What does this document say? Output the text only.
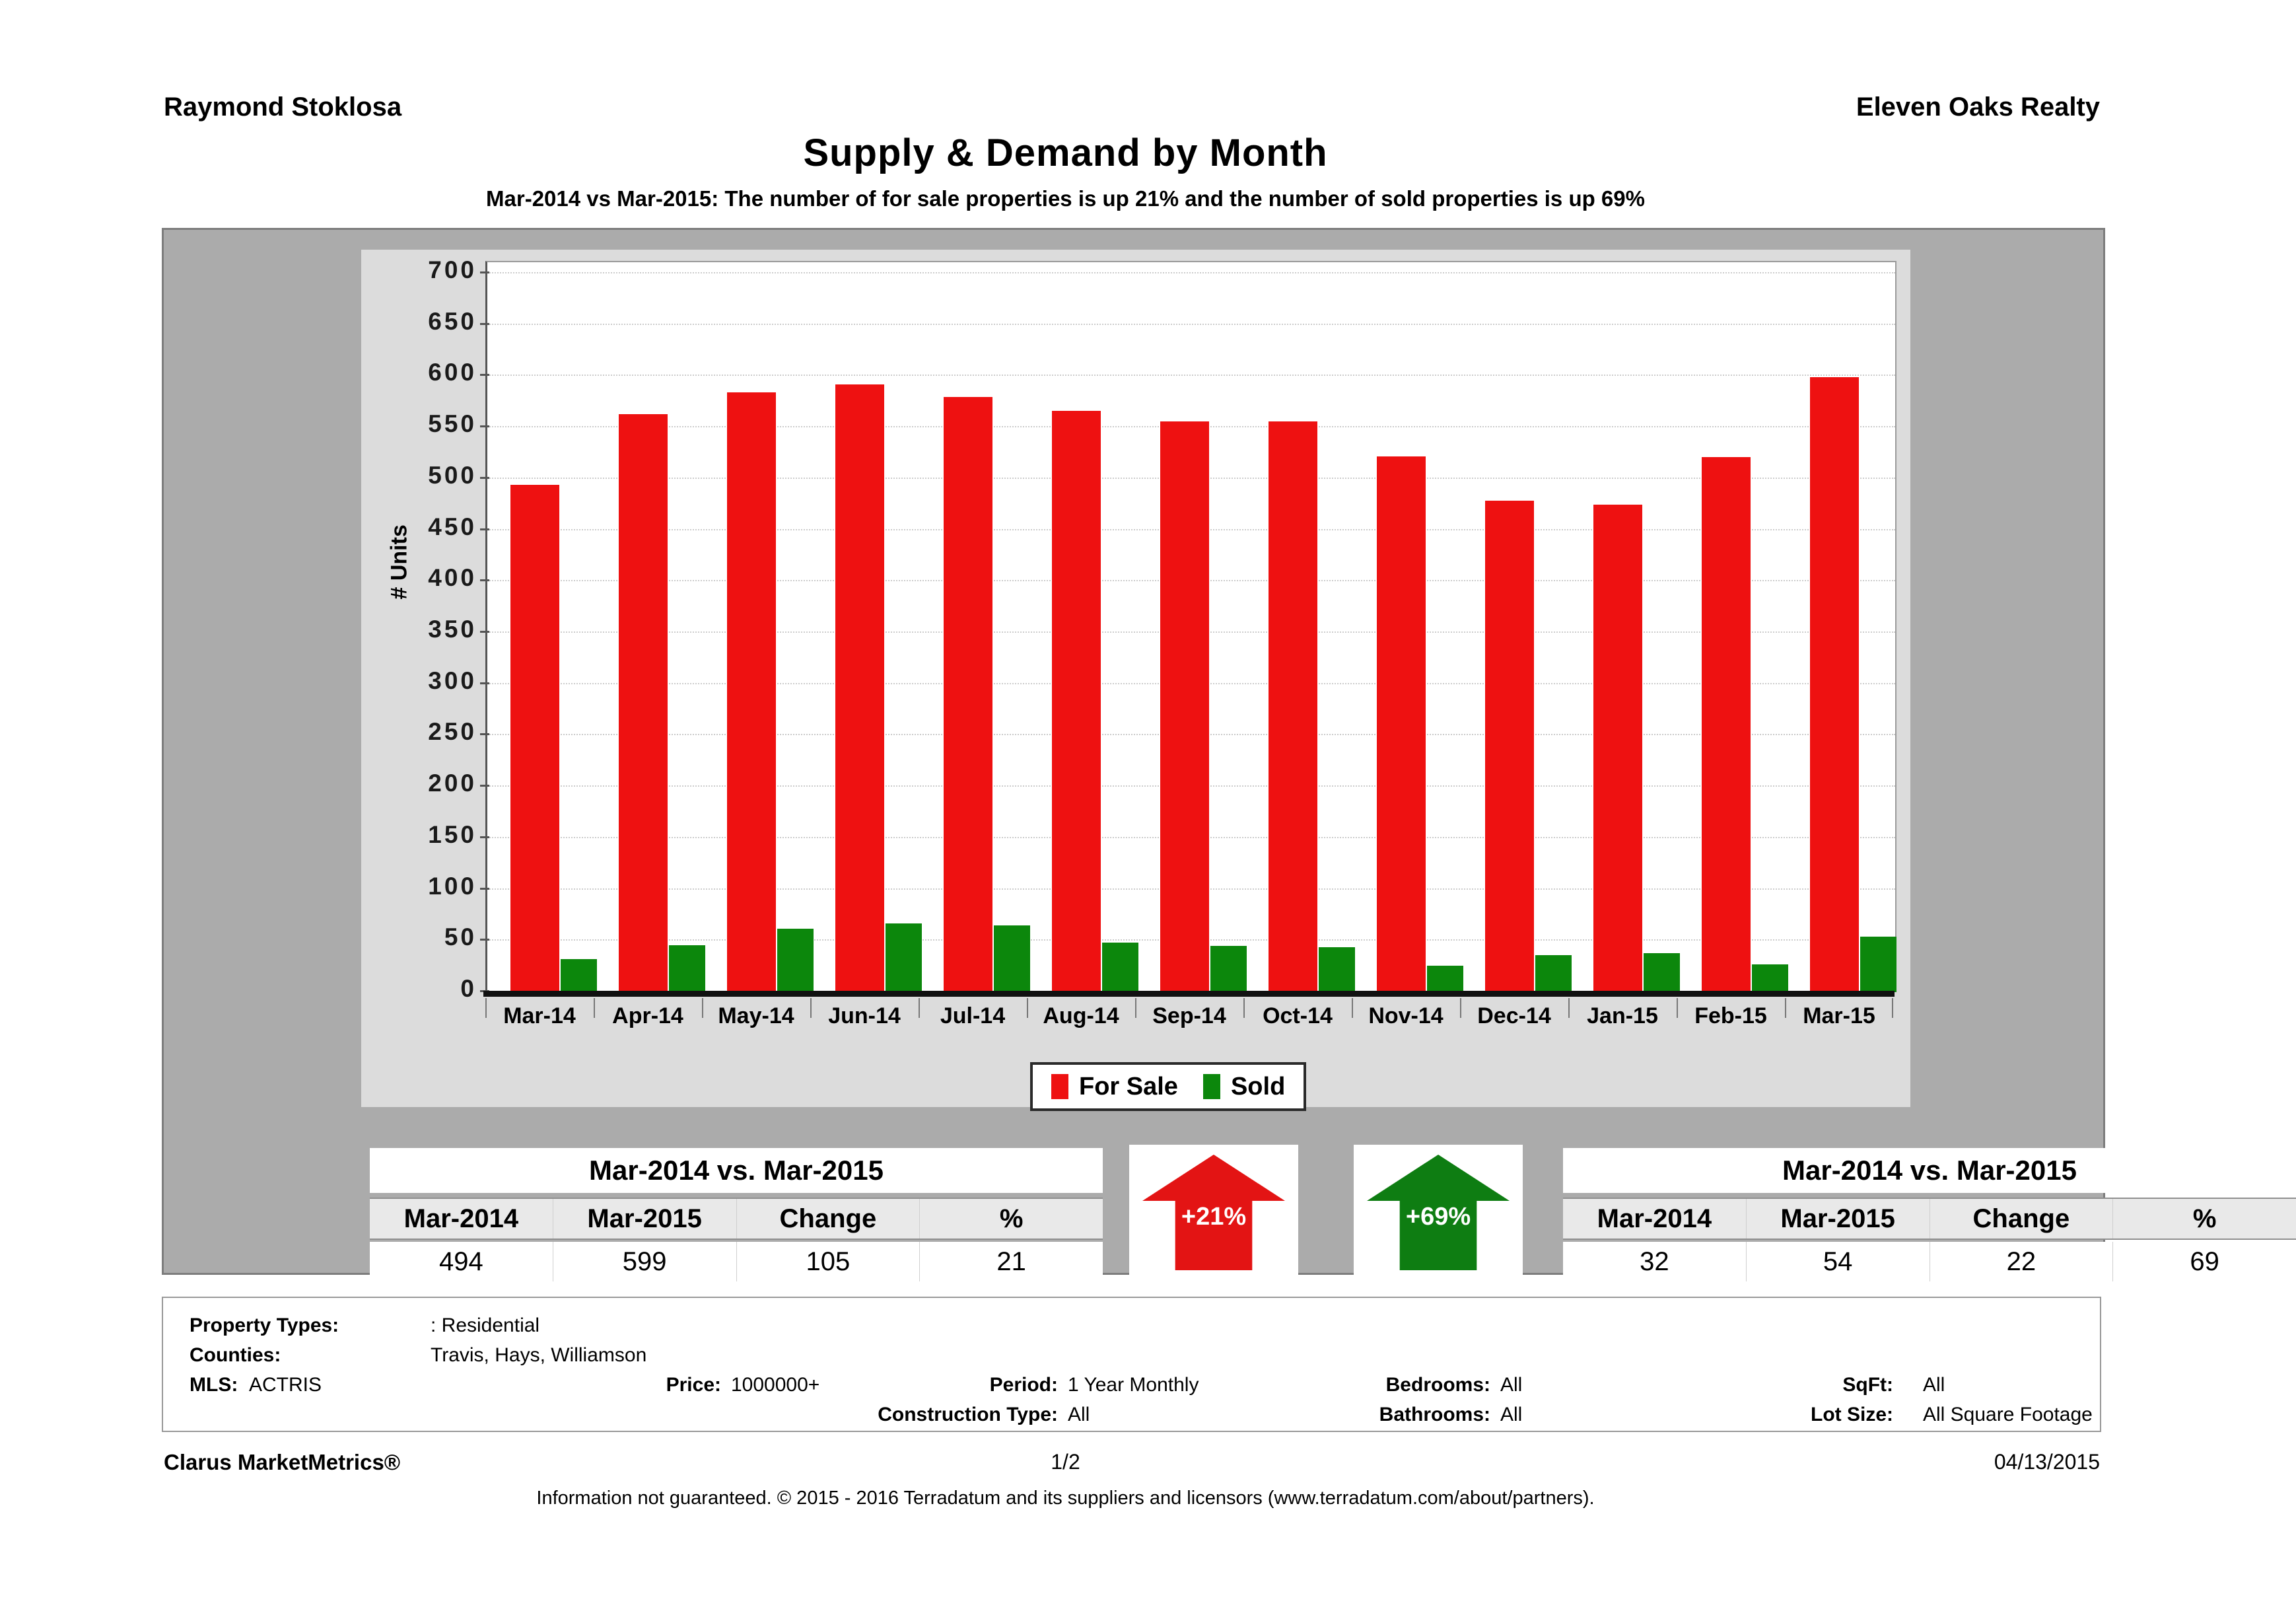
Raymond Stoklosa	Eleven Oaks Realty
Supply & Demand by Month
Mar-2014 vs Mar-2015: The number of for sale properties is up 21% and the number of sold properties is up 69%
# Units
0
50
100
150
200
250
300
350
400
450
500
550
600
650
700
Mar-14	Apr-14	May-14	Jun-14	Jul-14	Aug-14	Sep-14	Oct-14	Nov-14	Dec-14	Jan-15	Feb-15	Mar-15
For Sale Sold
Mar-2014 vs. Mar-2015
Mar-2014	Mar-2015	Change	%
494	599	105	21
+21%	+69%
Mar-2014 vs. Mar-2015
Mar-2014	Mar-2015	Change	%
32	54	22	69
Property Types:	: Residential
Counties:	Travis, Hays, Williamson
MLS: ACTRIS	Price: 1000000+	Period: 1 Year Monthly
Construction Type: All
Bedrooms: All
Bathrooms: All
SqFt: All
Lot Size: All Square Footage
Clarus MarketMetrics®	1/2	04/13/2015
Information not guaranteed. © 2015 - 2016 Terradatum and its suppliers and licensors (www.terradatum.com/about/partners).
